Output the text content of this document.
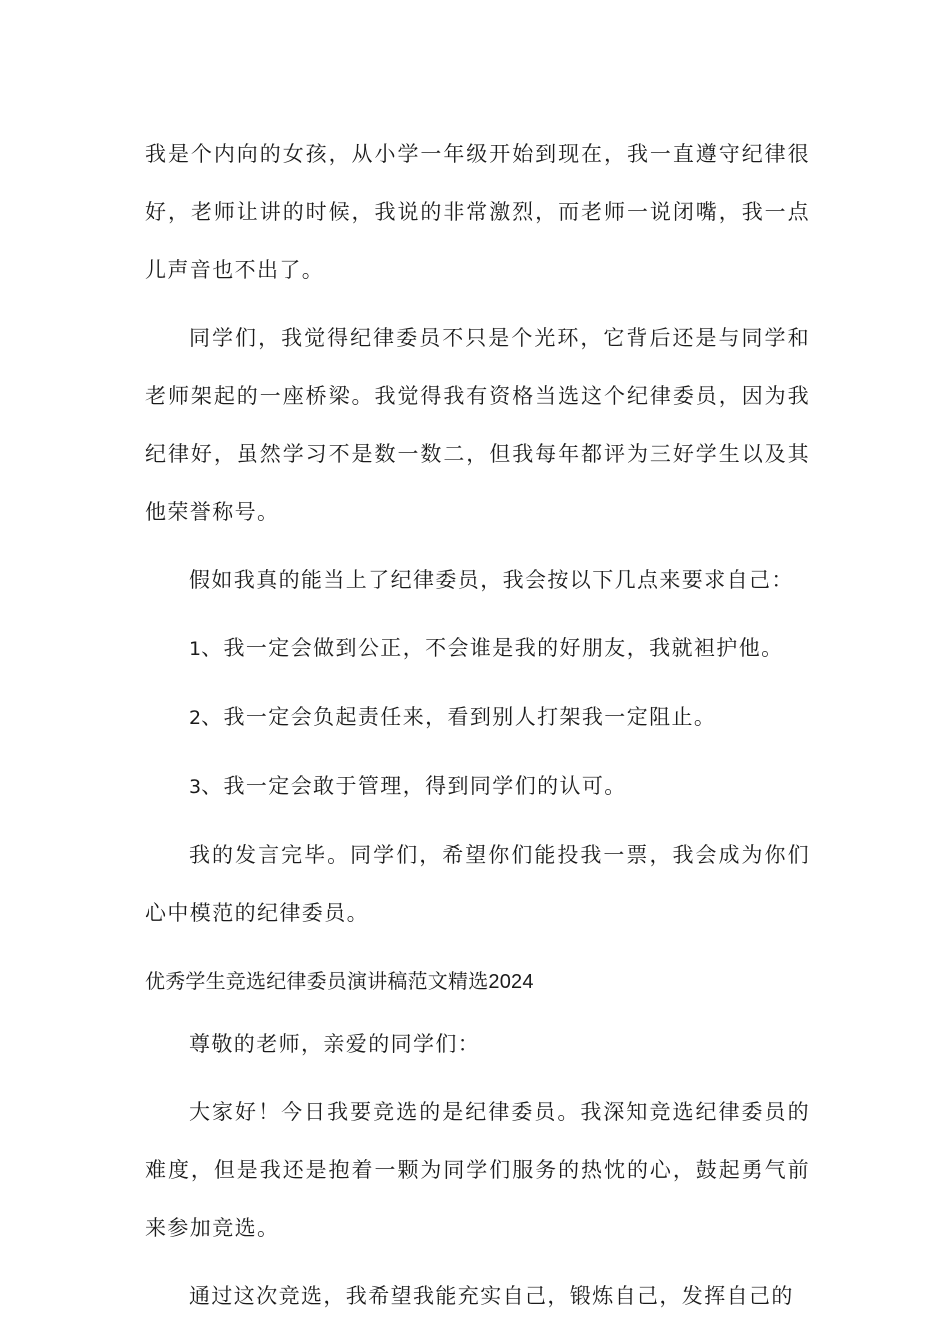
我是个内向的女孩，从小学一年级开始到现在，我一直遵守纪律很好，老师让讲的时候，我说的非常激烈，而老师一说闭嘴，我一点儿声音也不出了。

同学们，我觉得纪律委员不只是个光环，它背后还是与同学和老师架起的一座桥梁。我觉得我有资格当选这个纪律委员，因为我纪律好，虽然学习不是数一数二，但我每年都评为三好学生以及其他荣誉称号。

假如我真的能当上了纪律委员，我会按以下几点来要求自己：

1、我一定会做到公正，不会谁是我的好朋友，我就袒护他。

2、我一定会负起责任来，看到别人打架我一定阻止。

3、我一定会敢于管理，得到同学们的认可。

我的发言完毕。同学们，希望你们能投我一票，我会成为你们心中模范的纪律委员。

优秀学生竞选纪律委员演讲稿范文精选2024

尊敬的老师，亲爱的同学们：

大家好！今日我要竞选的是纪律委员。我深知竞选纪律委员的难度，但是我还是抱着一颗为同学们服务的热忱的心，鼓起勇气前来参加竞选。

通过这次竞选，我希望我能充实自己，锻炼自己，发挥自己的
